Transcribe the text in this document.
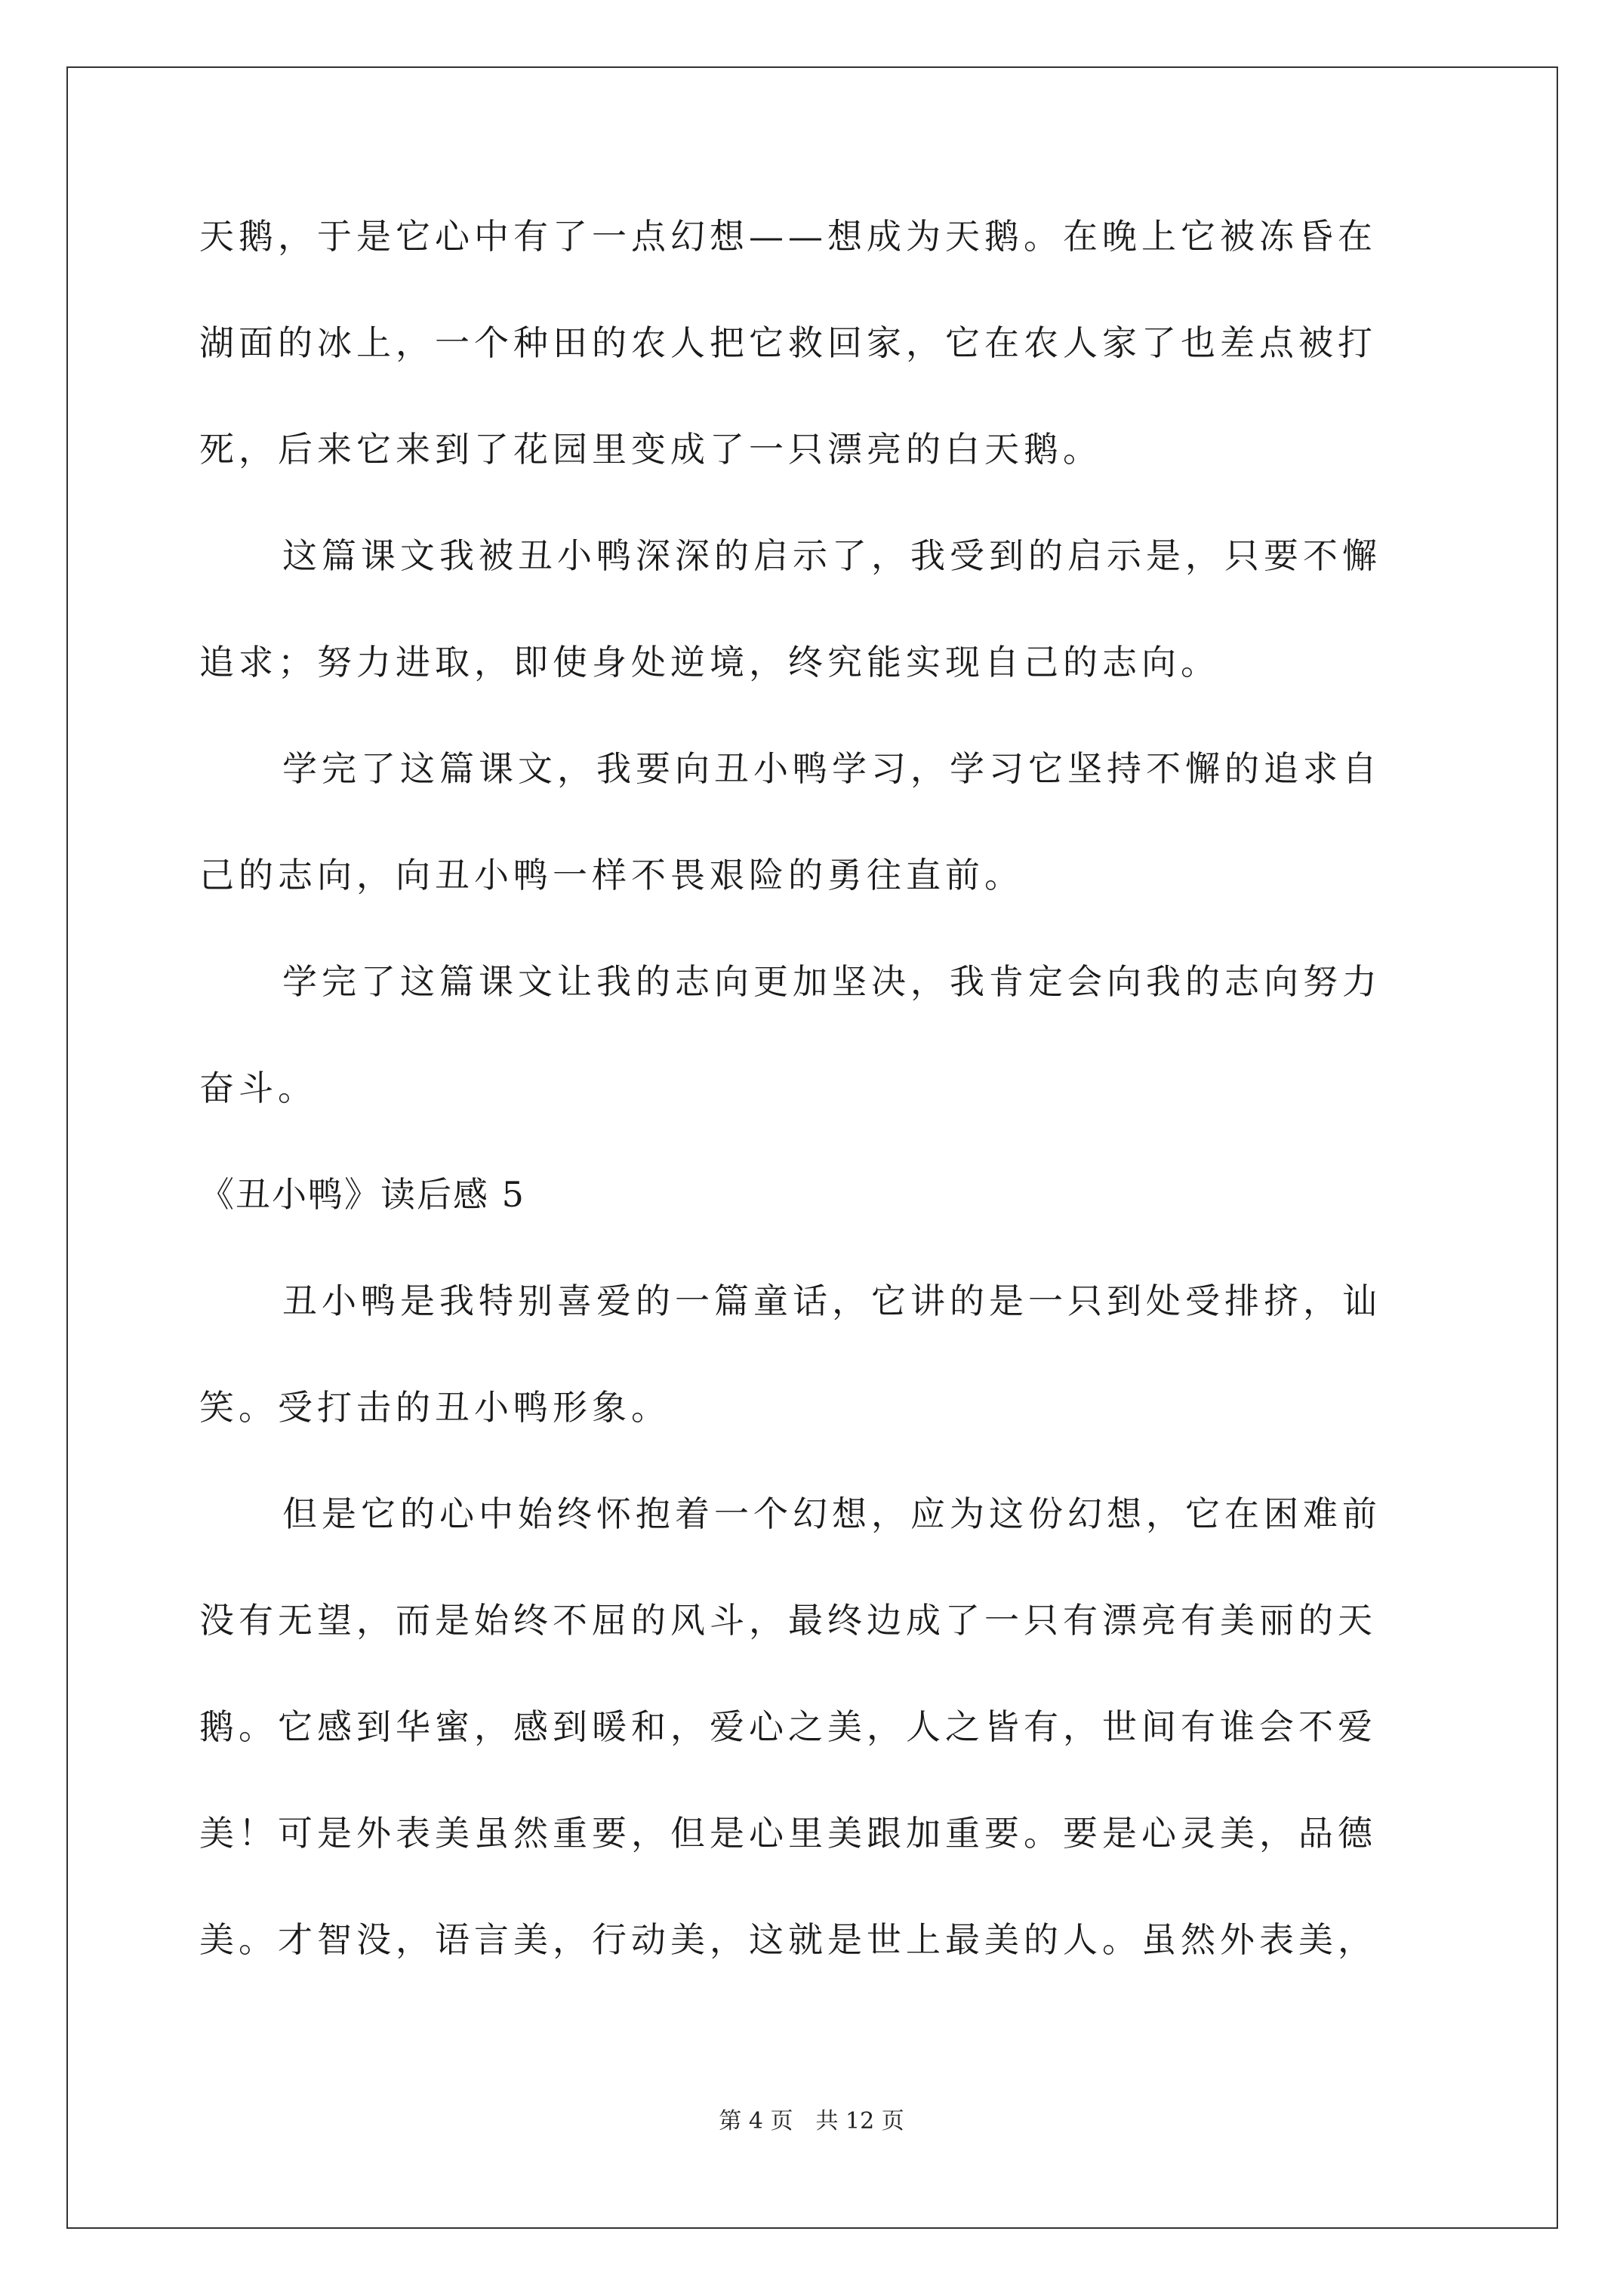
天鹅，于是它心中有了一点幻想——想成为天鹅。在晚上它被冻昏在
湖面的冰上，一个种田的农人把它救回家，它在农人家了也差点被打
死，后来它来到了花园里变成了一只漂亮的白天鹅。
这篇课文我被丑小鸭深深的启示了，我受到的启示是，只要不懈
追求；努力进取，即使身处逆境，终究能实现自己的志向。
学完了这篇课文，我要向丑小鸭学习，学习它坚持不懈的追求自
己的志向，向丑小鸭一样不畏艰险的勇往直前。
学完了这篇课文让我的志向更加坚决，我肯定会向我的志向努力
奋斗。
《丑小鸭》读后感 5
丑小鸭是我特别喜爱的一篇童话，它讲的是一只到处受排挤，讪
笑。受打击的丑小鸭形象。
但是它的心中始终怀抱着一个幻想，应为这份幻想，它在困难前
没有无望，而是始终不屈的风斗，最终边成了一只有漂亮有美丽的天
鹅。它感到华蜜，感到暖和，爱心之美，人之皆有，世间有谁会不爱
美！可是外表美虽然重要，但是心里美跟加重要。要是心灵美，品德
美。才智没，语言美，行动美，这就是世上最美的人。虽然外表美，
第 4 页 共 12 页
